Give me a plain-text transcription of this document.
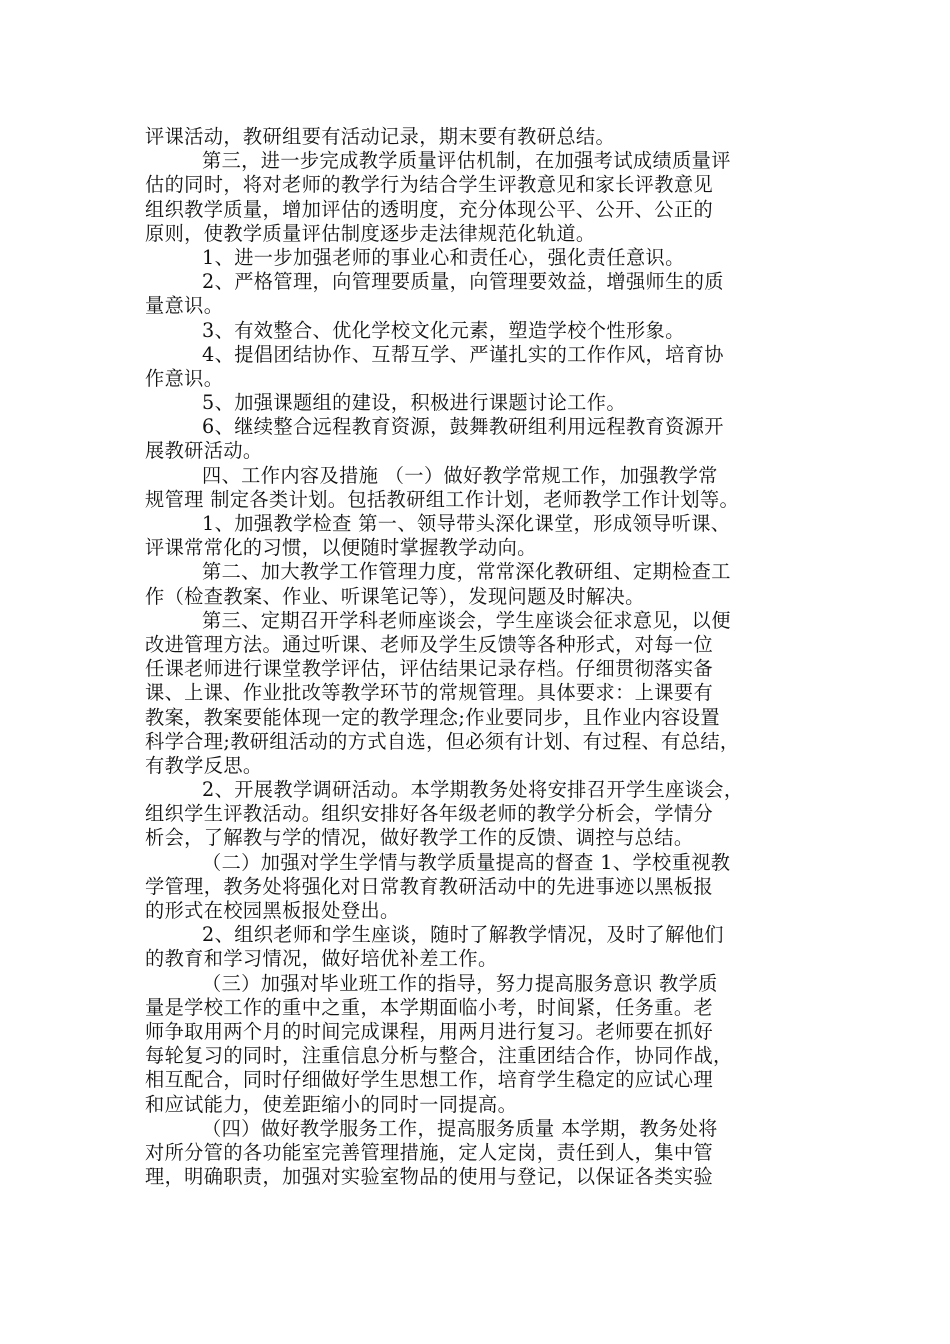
评课活动，教研组要有活动记录，期末要有教研总结。
第三，进一步完成教学质量评估机制，在加强考试成绩质量评
估的同时，将对老师的教学行为结合学生评教意见和家长评教意见
组织教学质量，增加评估的透明度，充分体现公平、公开、公正的
原则，使教学质量评估制度逐步走法律规范化轨道。
1、进一步加强老师的事业心和责任心，强化责任意识。
2、严格管理，向管理要质量，向管理要效益，增强师生的质
量意识。
3、有效整合、优化学校文化元素，塑造学校个性形象。
4、提倡团结协作、互帮互学、严谨扎实的工作作风，培育协
作意识。
5、加强课题组的建设，积极进行课题讨论工作。
6、继续整合远程教育资源，鼓舞教研组利用远程教育资源开
展教研活动。
四、工作内容及措施 （一）做好教学常规工作，加强教学常
规管理 制定各类计划。包括教研组工作计划，老师教学工作计划等。
1、加强教学检查 第一、领导带头深化课堂，形成领导听课、
评课常常化的习惯，以便随时掌握教学动向。
第二、加大教学工作管理力度，常常深化教研组、定期检查工
作（检查教案、作业、听课笔记等），发现问题及时解决。
第三、定期召开学科老师座谈会，学生座谈会征求意见，以便
改进管理方法。通过听课、老师及学生反馈等各种形式，对每一位
任课老师进行课堂教学评估，评估结果记录存档。仔细贯彻落实备
课、上课、作业批改等教学环节的常规管理。具体要求：上课要有
教案，教案要能体现一定的教学理念;作业要同步，且作业内容设置
科学合理;教研组活动的方式自选，但必须有计划、有过程、有总结，
有教学反思。
2、开展教学调研活动。本学期教务处将安排召开学生座谈会，
组织学生评教活动。组织安排好各年级老师的教学分析会，学情分
析会，了解教与学的情况，做好教学工作的反馈、调控与总结。
（二）加强对学生学情与教学质量提高的督查 1、学校重视教
学管理，教务处将强化对日常教育教研活动中的先进事迹以黑板报
的形式在校园黑板报处登出。
2、组织老师和学生座谈，随时了解教学情况，及时了解他们
的教育和学习情况，做好培优补差工作。
（三）加强对毕业班工作的指导，努力提高服务意识 教学质
量是学校工作的重中之重，本学期面临小考，时间紧，任务重。老
师争取用两个月的时间完成课程，用两月进行复习。老师要在抓好
每轮复习的同时，注重信息分析与整合，注重团结合作，协同作战，
相互配合，同时仔细做好学生思想工作，培育学生稳定的应试心理
和应试能力，使差距缩小的同时一同提高。
（四）做好教学服务工作，提高服务质量 本学期，教务处将
对所分管的各功能室完善管理措施，定人定岗，责任到人，集中管
理，明确职责，加强对实验室物品的使用与登记，以保证各类实验
